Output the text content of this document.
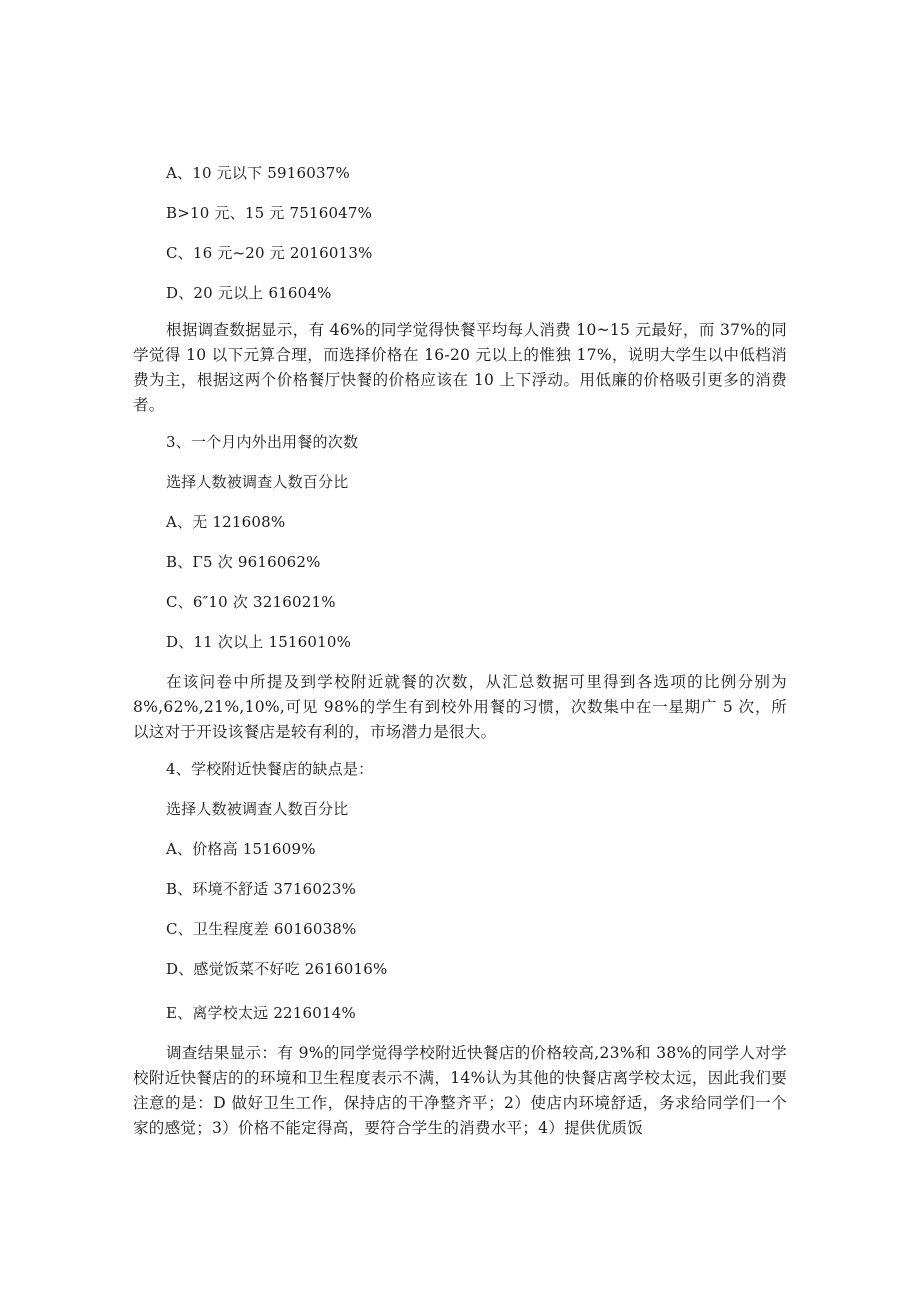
A、10 元以下 5916037%
B>10 元、15 元 7516047%
C、16 元~20 元 2016013%
D、20 元以上 61604%
根据调查数据显示，有 46%的同学觉得快餐平均每人消费 10~15 元最好，而 37%的同学觉得 10 以下元算合理，而选择价格在 16-20 元以上的惟独 17%，说明大学生以中低档消费为主，根据这两个价格餐厅快餐的价格应该在 10 上下浮动。用低廉的价格吸引更多的消费者。
3、一个月内外出用餐的次数
选择人数被调查人数百分比
A、无 121608%
B、Γ5 次 9616062%
C、6″10 次 3216021%
D、11 次以上 1516010%
在该问卷中所提及到学校附近就餐的次数，从汇总数据可里得到各选项的比例分别为 8%,62%,21%,10%,可见 98%的学生有到校外用餐的习惯，次数集中在一星期广 5 次，所以这对于开设该餐店是较有利的，市场潜力是很大。
4、学校附近快餐店的缺点是：
选择人数被调查人数百分比
A、价格高 151609%
B、环境不舒适 3716023%
C、卫生程度差 6016038%
D、感觉饭菜不好吃 2616016%
E、离学校太远 2216014%
调查结果显示：有 9%的同学觉得学校附近快餐店的价格较高,23%和 38%的同学人对学校附近快餐店的的环境和卫生程度表示不满，14%认为其他的快餐店离学校太远，因此我们要注意的是：D 做好卫生工作，保持店的干净整齐平；2）使店内环境舒适，务求给同学们一个家的感觉；3）价格不能定得高，要符合学生的消费水平；4）提供优质饭
